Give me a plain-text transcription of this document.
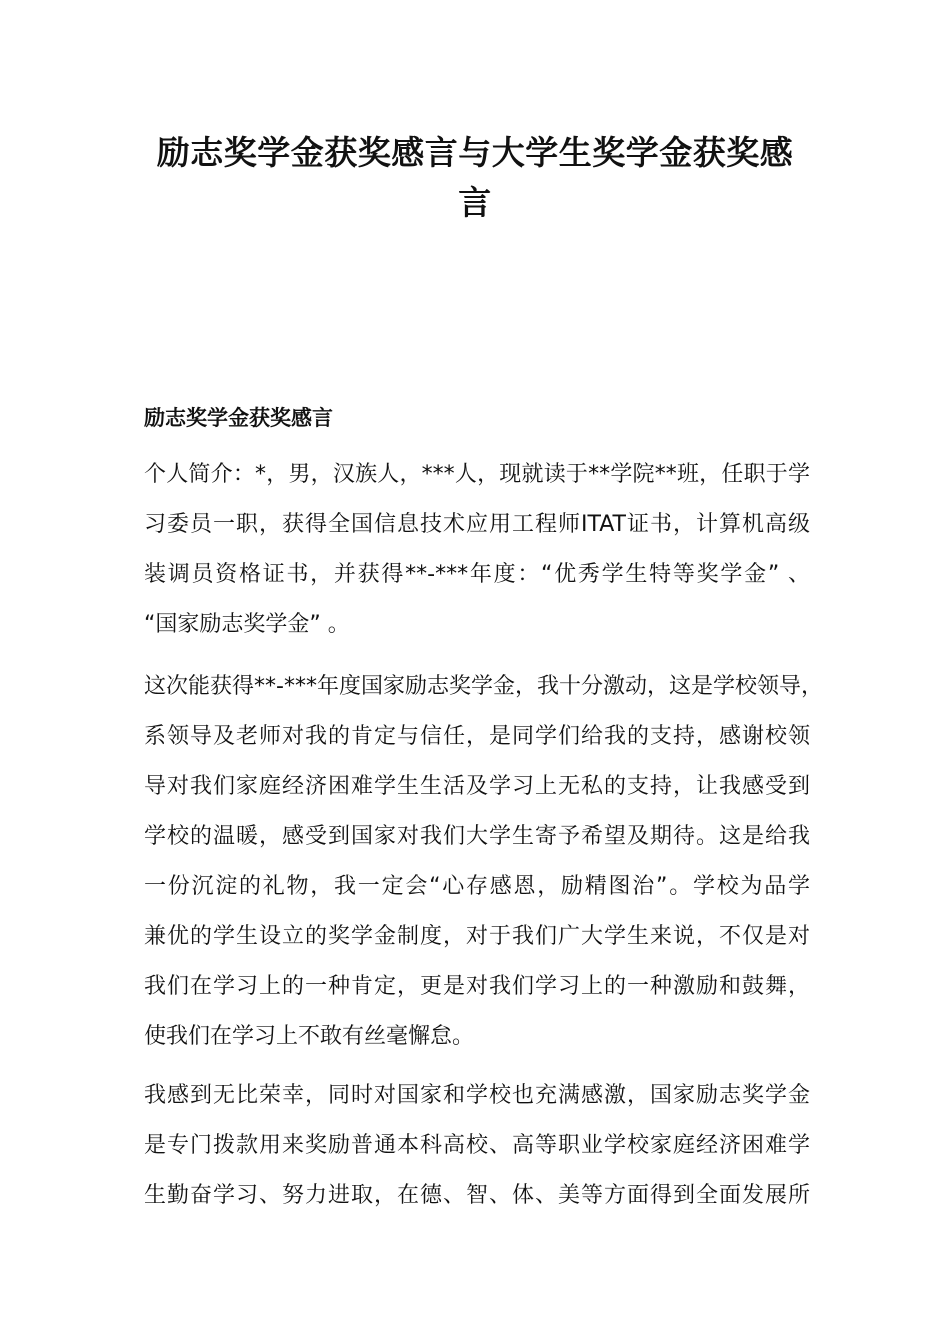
励志奖学金获奖感言与大学生奖学金获奖感
言
励志奖学金获奖感言

个人简介：*，男，汉族人，***人，现就读于**学院**班，任职于学
习委员一职，获得全国信息技术应用工程师ITAT证书，计算机高级
装调员资格证书，并获得**-***年度：“优秀学生特等奖学金” 、
“国家励志奖学金” 。

这次能获得**-***年度国家励志奖学金，我十分激动，这是学校领导，
系领导及老师对我的肯定与信任，是同学们给我的支持，感谢校领
导对我们家庭经济困难学生生活及学习上无私的支持，让我感受到
学校的温暖，感受到国家对我们大学生寄予希望及期待。这是给我
一份沉淀的礼物，我一定会“心存感恩，励精图治”。学校为品学
兼优的学生设立的奖学金制度，对于我们广大学生来说，不仅是对
我们在学习上的一种肯定，更是对我们学习上的一种激励和鼓舞，
使我们在学习上不敢有丝毫懈怠。

我感到无比荣幸，同时对国家和学校也充满感激，国家励志奖学金
是专门拨款用来奖励普通本科高校、高等职业学校家庭经济困难学
生勤奋学习、努力进取，在德、智、体、美等方面得到全面发展所
